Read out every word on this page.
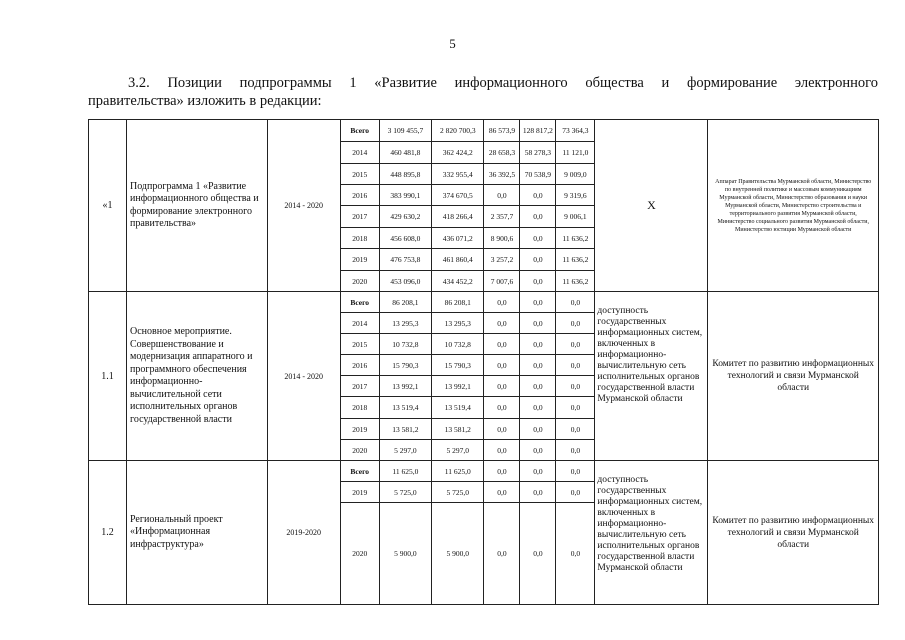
5
3.2. Позиции подпрограммы 1 «Развитие информационного общества и формирование электронного
правительства» изложить в редакции:
«1	Подпрограмма 1 «Развитие информационного общества и формирование электронного правительства»	2014 - 2020	Всего	3 109 455,7	2 820 700,3	86 573,9	128 817,2	73 364,3	Х	Аппарат Правительства Мурманской области, Министерство по внутренней политике и массовым коммуникациям Мурманской области, Министерство образования и науки Мурманской области, Министерство строительства и территориального развития Мурманской области, Министерство социального развития Мурманской области, Министерство юстиции Мурманской области
			2014	460 481,8	362 424,2	28 658,3	58 278,3	11 121,0		
			2015	448 895,8	332 955,4	36 392,5	70 538,9	9 009,0		
			2016	383 990,1	374 670,5	0,0	0,0	9 319,6		
			2017	429 630,2	418 266,4	2 357,7	0,0	9 006,1		
			2018	456 608,0	436 071,2	8 900,6	0,0	11 636,2		
			2019	476 753,8	461 860,4	3 257,2	0,0	11 636,2		
			2020	453 096,0	434 452,2	7 007,6	0,0	11 636,2		
1.1	Основное мероприятие. Совершенствование и модернизация аппаратного и программного обеспечения информационно-вычислительной сети исполнительных органов государственной власти	2014 - 2020	Всего	86 208,1	86 208,1	0,0	0,0	0,0	доступность государственных информационных систем, включенных в информационно-вычислительную сеть исполнительных органов государственной власти Мурманской области	Комитет по развитию информационных технологий и связи Мурманской области
			2014	13 295,3	13 295,3	0,0	0,0	0,0		
			2015	10 732,8	10 732,8	0,0	0,0	0,0		
			2016	15 790,3	15 790,3	0,0	0,0	0,0		
			2017	13 992,1	13 992,1	0,0	0,0	0,0		
			2018	13 519,4	13 519,4	0,0	0,0	0,0		
			2019	13 581,2	13 581,2	0,0	0,0	0,0		
			2020	5 297,0	5 297,0	0,0	0,0	0,0		
1.2	Региональный проект «Информационная инфраструктура»	2019-2020	Всего	11 625,0	11 625,0	0,0	0,0	0,0	доступность государственных информационных систем, включенных в информационно-вычислительную сеть исполнительных органов государственной власти Мурманской области	Комитет по развитию информационных технологий и связи Мурманской области
			2019	5 725,0	5 725,0	0,0	0,0	0,0		
			2020	5 900,0	5 900,0	0,0	0,0	0,0		
